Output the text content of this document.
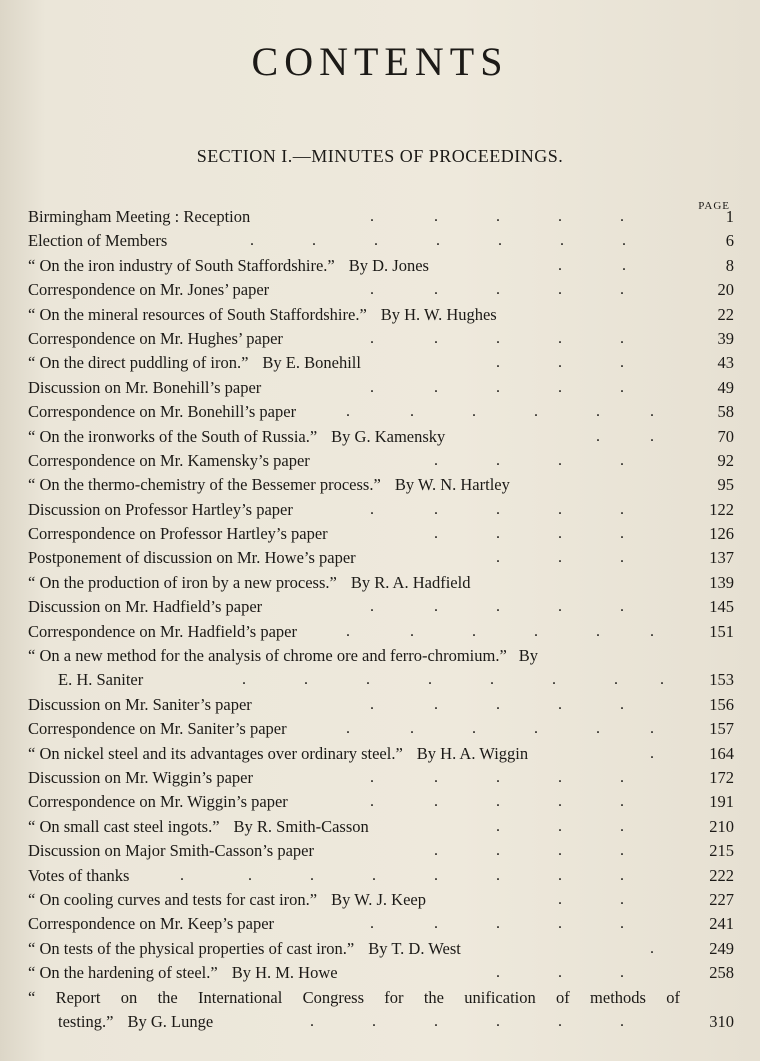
CONTENTS
SECTION I.—MINUTES OF PROCEEDINGS.
PAGE
.	.	.	.	.
Birmingham Meeting : Reception	1
.	.	.	.	.	.	.
Election of Members	6
.	.
“ On the iron industry of South Staffordshire.” By D. Jones	8
.	.	.	.	.
Correspondence on Mr. Jones’ paper	20
“ On the mineral resources of South Staffordshire.” By H. W. Hughes	22
.	.	.	.	.
Correspondence on Mr. Hughes’ paper	39
.	.	.
“ On the direct puddling of iron.” By E. Bonehill	43
.	.	.	.	.
Discussion on Mr. Bonehill’s paper	49
.	.	.	.	.	.
Correspondence on Mr. Bonehill’s paper	58
.	.
“ On the ironworks of the South of Russia.” By G. Kamensky	70
.	.	.	.
Correspondence on Mr. Kamensky’s paper	92
“ On the thermo-chemistry of the Bessemer process.” By W. N. Hartley	95
.	.	.	.	.
Discussion on Professor Hartley’s paper	122
.	.	.	.
Correspondence on Professor Hartley’s paper	126
.	.	.
Postponement of discussion on Mr. Howe’s paper	137
“ On the production of iron by a new process.” By R. A. Hadfield	139
.	.	.	.	.
Discussion on Mr. Hadfield’s paper	145
.	.	.	.	.	.
Correspondence on Mr. Hadfield’s paper	151
.	.	.	.	.	.	.	.
“ On a new method for the analysis of chrome ore and ferro-chromium.” By
E. H. Saniter	153
.	.	.	.	.
Discussion on Mr. Saniter’s paper	156
.	.	.	.	.	.
Correspondence on Mr. Saniter’s paper	157
.
“ On nickel steel and its advantages over ordinary steel.” By H. A. Wiggin	164
.	.	.	.	.
Discussion on Mr. Wiggin’s paper	172
.	.	.	.	.
Correspondence on Mr. Wiggin’s paper	191
.	.	.
“ On small cast steel ingots.” By R. Smith-Casson	210
.	.	.	.
Discussion on Major Smith-Casson’s paper	215
.	.	.	.	.	.	.	.
Votes of thanks	222
.	.
“ On cooling curves and tests for cast iron.” By W. J. Keep	227
.	.	.	.	.
Correspondence on Mr. Keep’s paper	241
.
“ On tests of the physical properties of cast iron.” By T. D. West	249
.	.	.
“ On the hardening of steel.” By H. M. Howe	258
.	.	.	.	.	.
“ Report on the International Congress for the unification of methods of
testing.” By G. Lunge	310
